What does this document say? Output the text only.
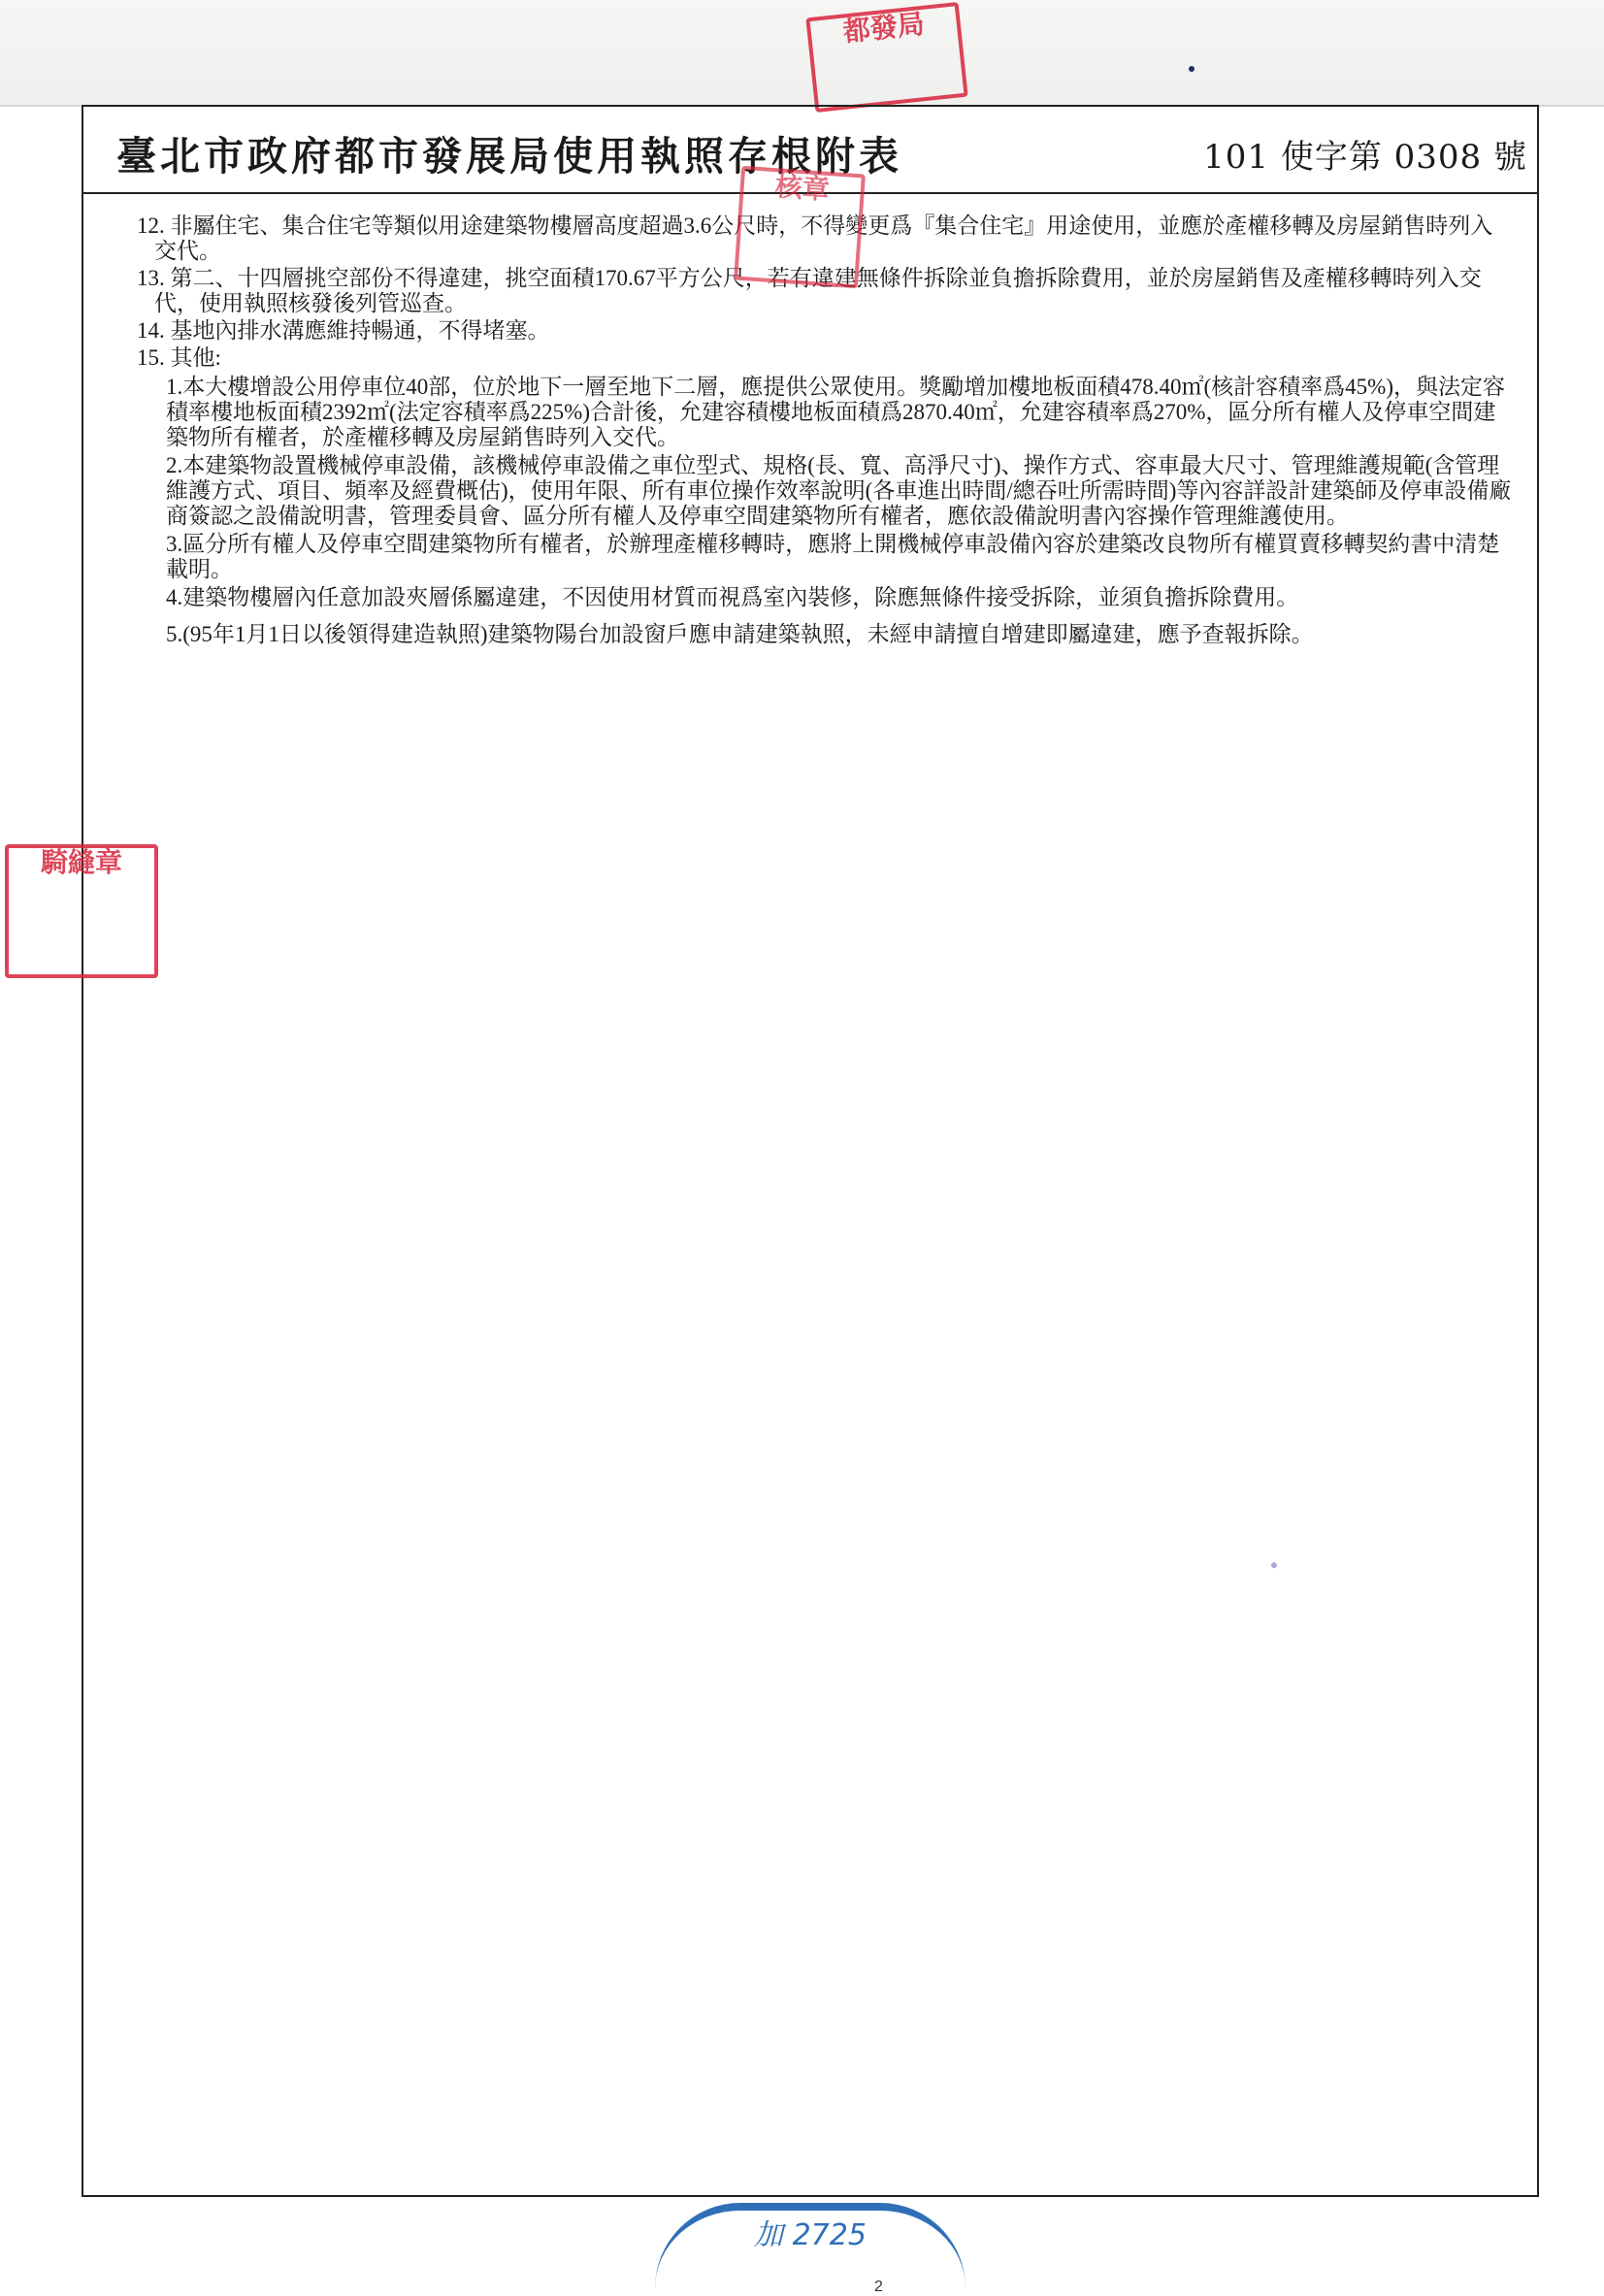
都發局
臺北市政府都市發展局使用執照存根附表	101 使字第 0308 號
12. 非屬住宅、集合住宅等類似用途建築物樓層高度超過3.6公尺時，不得變更爲『集合住宅』用途使用，並應於產權移轉及房屋銷售時列入交代。
13. 第二、十四層挑空部份不得違建，挑空面積170.67平方公尺，若有違建無條件拆除並負擔拆除費用，並於房屋銷售及產權移轉時列入交代，使用執照核發後列管巡查。
14. 基地內排水溝應維持暢通，不得堵塞。
15. 其他:
1.本大樓增設公用停車位40部，位於地下一層至地下二層，應提供公眾使用。獎勵增加樓地板面積478.40㎡(核計容積率爲45%)，與法定容積率樓地板面積2392㎡(法定容積率爲225%)合計後，允建容積樓地板面積爲2870.40㎡，允建容積率爲270%，區分所有權人及停車空間建築物所有權者，於產權移轉及房屋銷售時列入交代。
2.本建築物設置機械停車設備，該機械停車設備之車位型式、規格(長、寬、高淨尺寸)、操作方式、容車最大尺寸、管理維護規範(含管理維護方式、項目、頻率及經費概估)，使用年限、所有車位操作效率說明(各車進出時間/總吞吐所需時間)等內容詳設計建築師及停車設備廠商簽認之設備說明書，管理委員會、區分所有權人及停車空間建築物所有權者，應依設備說明書內容操作管理維護使用。
3.區分所有權人及停車空間建築物所有權者，於辦理產權移轉時，應將上開機械停車設備內容於建築改良物所有權買賣移轉契約書中清楚載明。
4.建築物樓層內任意加設夾層係屬違建，不因使用材質而視爲室內裝修，除應無條件接受拆除，並須負擔拆除費用。
5.(95年1月1日以後領得建造執照)建築物陽台加設窗戶應申請建築執照，未經申請擅自增建即屬違建，應予查報拆除。
2
核章
騎縫章
加 2725
